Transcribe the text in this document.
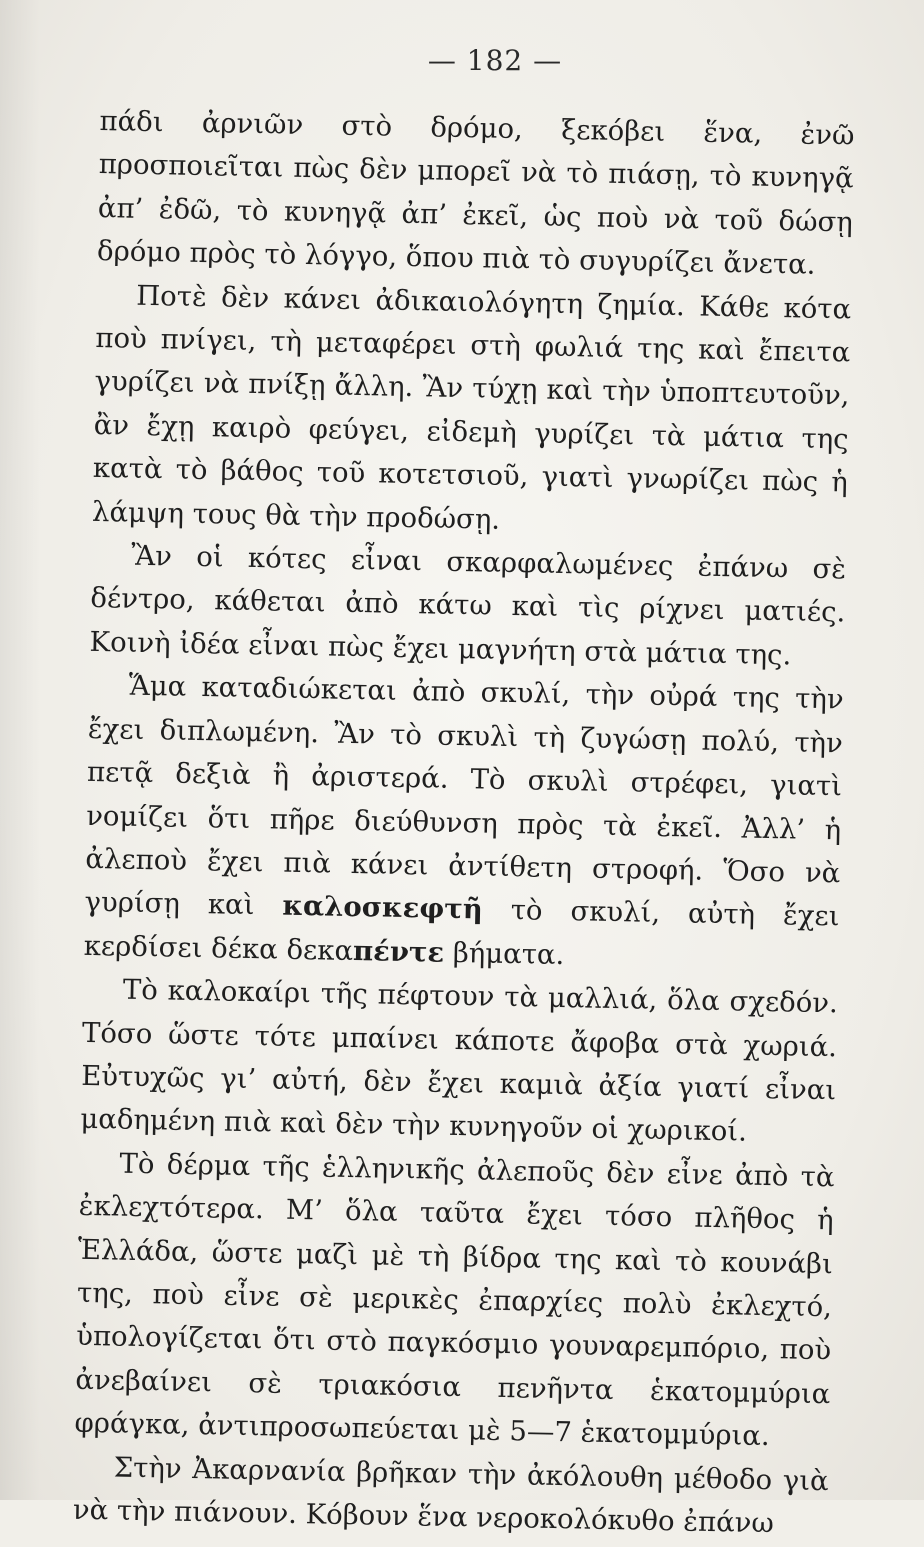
— 182 —

πάδι ἀρνιῶν στὸ δρόμο, ξεκόβει ἕνα, ἐνῶ προσποιεῖται πὼς δὲν μπορεῖ νὰ τὸ πιάσῃ, τὸ κυνηγᾷ ἀπ’ ἐδῶ, τὸ κυνηγᾷ ἀπ’ ἐκεῖ, ὡς ποὺ νὰ τοῦ δώσῃ δρόμο πρὸς τὸ λόγγο, ὅπου πιὰ τὸ συγυρίζει ἄνετα.

Ποτὲ δὲν κάνει ἀδικαιολόγητη ζημία. Κάθε κότα ποὺ πνίγει, τὴ μεταφέρει στὴ φωλιά της καὶ ἔπειτα γυρίζει νὰ πνίξῃ ἄλλη. Ἂν τύχῃ καὶ τὴν ὑποπτευτοῦν, ἂν ἔχῃ καιρὸ φεύγει, εἰδεμὴ γυρίζει τὰ μάτια της κατὰ τὸ βάθος τοῦ κοτετσιοῦ, γιατὶ γνωρίζει πὼς ἡ λάμψη τους θὰ τὴν προδώσῃ.

Ἂν οἱ κότες εἶναι σκαρφαλωμένες ἐπάνω σὲ δέντρο, κάθεται ἀπὸ κάτω καὶ τὶς ρίχνει ματιές. Κοινὴ ἰδέα εἶναι πὼς ἔχει μαγνήτη στὰ μάτια της.

Ἅμα καταδιώκεται ἀπὸ σκυλί, τὴν οὐρά της τὴν ἔχει διπλωμένη. Ἂν τὸ σκυλὶ τὴ ζυγώσῃ πολύ, τὴν πετᾷ δεξιὰ ἢ ἀριστερά. Τὸ σκυλὶ στρέφει, γιατὶ νομίζει ὅτι πῆρε διεύθυνση πρὸς τὰ ἐκεῖ. Ἀλλ’ ἡ ἀλεποὺ ἔχει πιὰ κάνει ἀντίθετη στροφή. Ὅσο νὰ γυρίσῃ καὶ καλοσκεφτῆ τὸ σκυλί, αὐτὴ ἔχει κερδίσει δέκα δεκαπέντε βήματα.

Τὸ καλοκαίρι τῆς πέφτουν τὰ μαλλιά, ὅλα σχεδόν. Τόσο ὥστε τότε μπαίνει κάποτε ἄφοβα στὰ χωριά. Εὐτυχῶς γι’ αὐτή, δὲν ἔχει καμιὰ ἀξία γιατί εἶναι μαδημένη πιὰ καὶ δὲν τὴν κυνηγοῦν οἱ χωρικοί.

Τὸ δέρμα τῆς ἑλληνικῆς ἀλεποῦς δὲν εἶνε ἀπὸ τὰ ἐκλεχτότερα. Μ’ ὅλα ταῦτα ἔχει τόσο πλῆθος ἡ Ἑλλάδα, ὥστε μαζὶ μὲ τὴ βίδρα της καὶ τὸ κουνάβι της, ποὺ εἶνε σὲ μερικὲς ἐπαρχίες πολὺ ἐκλεχτό, ὑπολογίζεται ὅτι στὸ παγκόσμιο γουναρεμπόριο, ποὺ ἀνεβαίνει σὲ τριακόσια πενῆντα ἑκατομμύρια φράγκα, ἀντιπροσωπεύεται μὲ 5—7 ἑκατομμύρια.

Στὴν Ἀκαρνανία βρῆκαν τὴν ἀκόλουθη μέθοδο γιὰ νὰ τὴν πιάνουν. Κόβουν ἕνα νεροκολόκυθο ἐπάνω
